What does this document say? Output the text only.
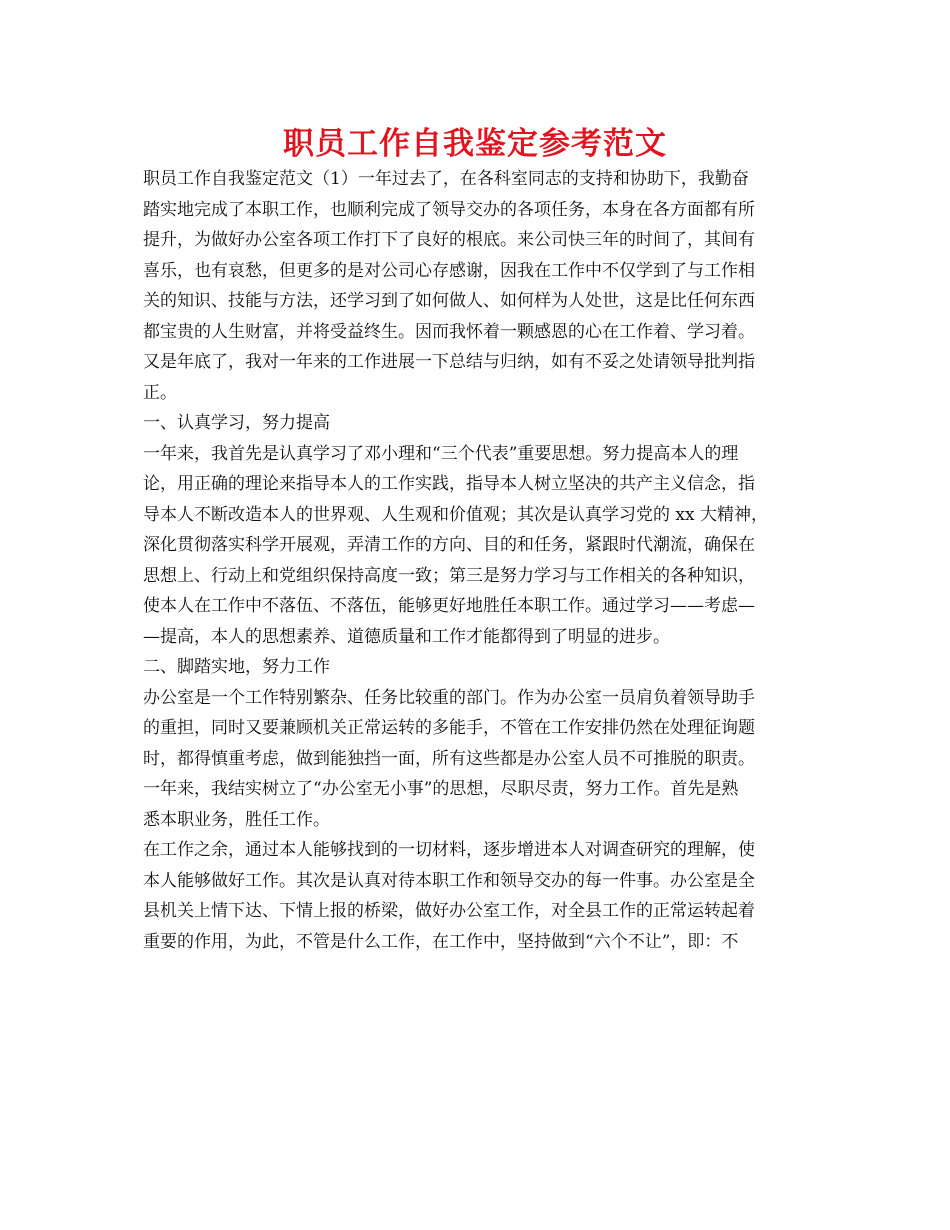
职员工作自我鉴定参考范文
职员工作自我鉴定范文（1）一年过去了，在各科室同志的支持和协助下，我勤奋
踏实地完成了本职工作，也顺利完成了领导交办的各项任务，本身在各方面都有所
提升，为做好办公室各项工作打下了良好的根底。来公司快三年的时间了，其间有
喜乐，也有哀愁，但更多的是对公司心存感谢，因我在工作中不仅学到了与工作相
关的知识、技能与方法，还学习到了如何做人、如何样为人处世，这是比任何东西
都宝贵的人生财富，并将受益终生。因而我怀着一颗感恩的心在工作着、学习着。
又是年底了，我对一年来的工作进展一下总结与归纳，如有不妥之处请领导批判指
正。
一、认真学习，努力提高
一年来，我首先是认真学习了邓小理和“三个代表”重要思想。努力提高本人的理
论，用正确的理论来指导本人的工作实践，指导本人树立坚决的共产主义信念，指
导本人不断改造本人的世界观、人生观和价值观；其次是认真学习党的 xx 大精神，
深化贯彻落实科学开展观，弄清工作的方向、目的和任务，紧跟时代潮流，确保在
思想上、行动上和党组织保持高度一致；第三是努力学习与工作相关的各种知识，
使本人在工作中不落伍、不落伍，能够更好地胜任本职工作。通过学习——考虑—
—提高，本人的思想素养、道德质量和工作才能都得到了明显的进步。
二、脚踏实地，努力工作
办公室是一个工作特别繁杂、任务比较重的部门。作为办公室一员肩负着领导助手
的重担，同时又要兼顾机关正常运转的多能手，不管在工作安排仍然在处理征询题
时，都得慎重考虑，做到能独挡一面，所有这些都是办公室人员不可推脱的职责。
一年来，我结实树立了“办公室无小事”的思想，尽职尽责，努力工作。首先是熟
悉本职业务，胜任工作。
在工作之余，通过本人能够找到的一切材料，逐步增进本人对调查研究的理解，使
本人能够做好工作。其次是认真对待本职工作和领导交办的每一件事。办公室是全
县机关上情下达、下情上报的桥梁，做好办公室工作，对全县工作的正常运转起着
重要的作用，为此，不管是什么工作，在工作中，坚持做到“六个不让”，即：不
